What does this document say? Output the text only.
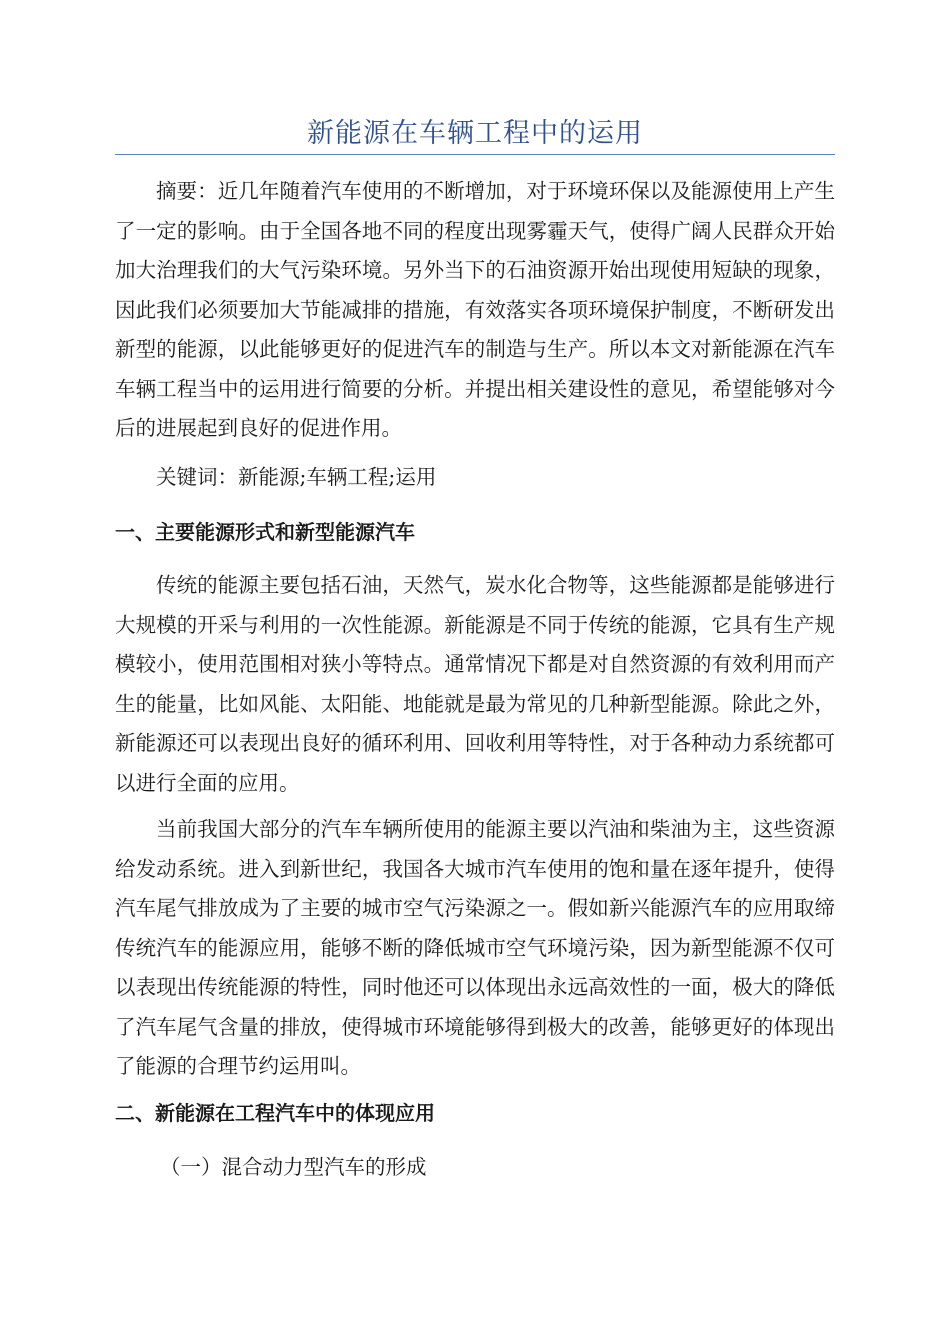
新能源在车辆工程中的运用

摘要：近几年随着汽车使用的不断增加，对于环境环保以及能源使用上产生了一定的影响。由于全国各地不同的程度出现雾霾天气，使得广阔人民群众开始加大治理我们的大气污染环境。另外当下的石油资源开始出现使用短缺的现象，因此我们必须要加大节能减排的措施，有效落实各项环境保护制度，不断研发出新型的能源，以此能够更好的促进汽车的制造与生产。所以本文对新能源在汽车车辆工程当中的运用进行简要的分析。并提出相关建设性的意见，希望能够对今后的进展起到良好的促进作用。

关键词：新能源;车辆工程;运用

一、主要能源形式和新型能源汽车

传统的能源主要包括石油，天然气，炭水化合物等，这些能源都是能够进行大规模的开采与利用的一次性能源。新能源是不同于传统的能源，它具有生产规模较小，使用范围相对狭小等特点。通常情况下都是对自然资源的有效利用而产生的能量，比如风能、太阳能、地能就是最为常见的几种新型能源。除此之外，新能源还可以表现出良好的循环利用、回收利用等特性，对于各种动力系统都可以进行全面的应用。

当前我国大部分的汽车车辆所使用的能源主要以汽油和柴油为主，这些资源给发动系统。进入到新世纪，我国各大城市汽车使用的饱和量在逐年提升，使得汽车尾气排放成为了主要的城市空气污染源之一。假如新兴能源汽车的应用取缔传统汽车的能源应用，能够不断的降低城市空气环境污染，因为新型能源不仅可以表现出传统能源的特性，同时他还可以体现出永远高效性的一面，极大的降低了汽车尾气含量的排放，使得城市环境能够得到极大的改善，能够更好的体现出了能源的合理节约运用叫。

二、新能源在工程汽车中的体现应用

（一）混合动力型汽车的形成
